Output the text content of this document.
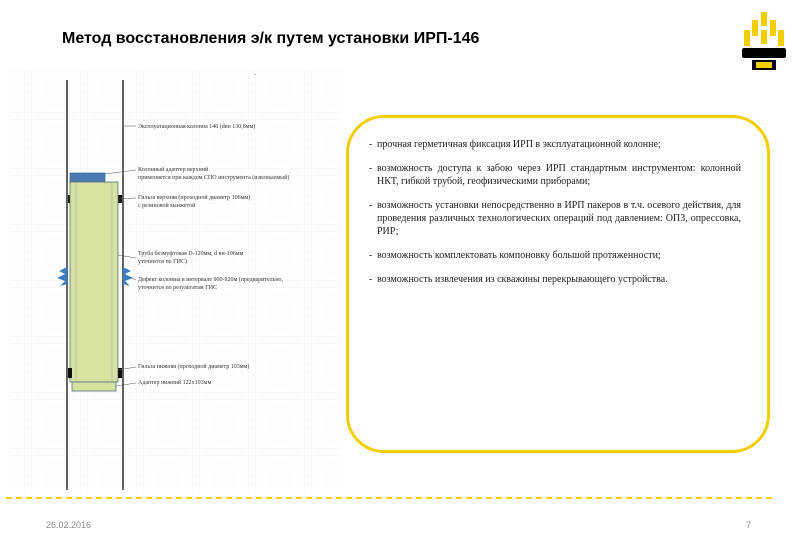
Метод восстановления э/к путем установки ИРП-146
-
Эксплуатационная колонна 146 (dвн 130,6мм)
Колонный адаптер верхний
применяется при каждом СПО инструмента (извлекаемый)
Гильза верхняя (проходной диаметр 106мм)
с резиновой манжетой
Труба безмуфтовая D-120мм, d вн-106мм
уточнится по ГИС)
Дефект колонны в интервале 900-920м (предварительно,
уточнится по результатам ГИС
Гильза нижняя (проходной диаметр 103мм)
Адаптер нижний 122х103мм
- прочная герметичная фиксация ИРП в эксплуатационной колонне;
- возможность доступа к забою через ИРП стандартным инструментом: колонной НКТ, гибкой трубой, геофизическими приборами;
- возможность установки непосредственно в ИРП пакеров в т.ч. осевого действия, для проведения различных технологических операций под давлением: ОПЗ, опрессовка, РИР;
- возможность комплектовать компоновку большой протяженности;
- возможность извлечения из скважины перекрывающего устройства.
26.02.2016	7
